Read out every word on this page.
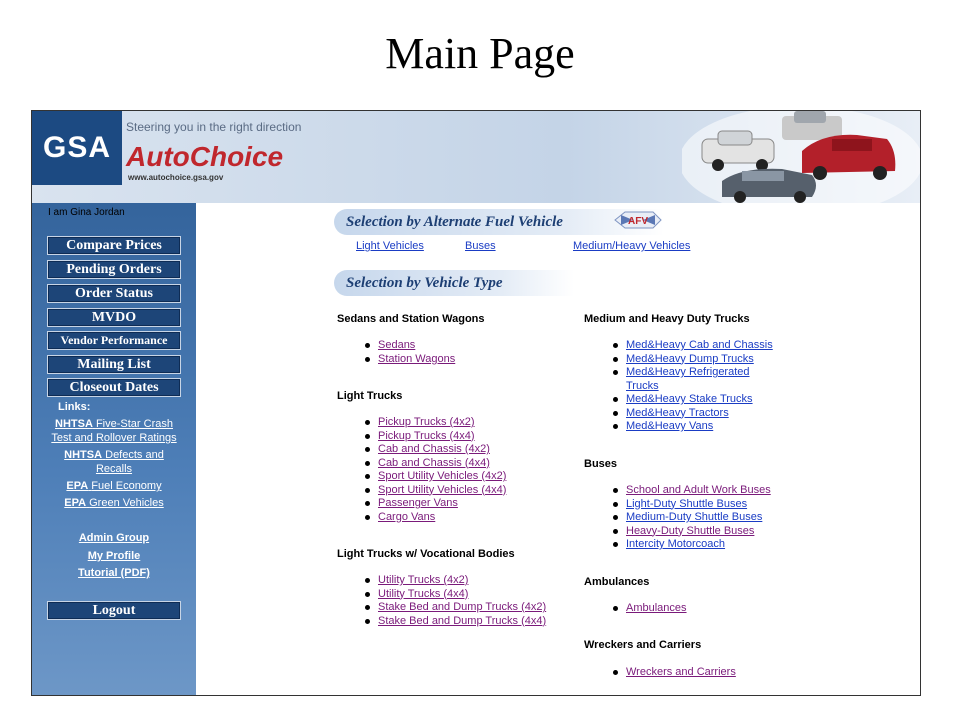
Main Page
GSA
Steering you in the right direction
AutoChoice
www.autochoice.gsa.gov
I am Gina Jordan
Compare Prices
Pending Orders
Order Status
MVDO
Vendor Performance
Mailing List
Closeout Dates
Links:
NHTSA Five-Star Crash
Test and Rollover Ratings
NHTSA Defects and
Recalls
EPA Fuel Economy
EPA Green Vehicles
Admin Group
My Profile
Tutorial (PDF)
Logout
Selection by Alternate Fuel Vehicle	AFV
Light Vehicles	Buses	Medium/Heavy Vehicles
Selection by Vehicle Type
Sedans and Station Wagons
Sedans
Station Wagons
Light Trucks
Pickup Trucks (4x2)
Pickup Trucks (4x4)
Cab and Chassis (4x2)
Cab and Chassis (4x4)
Sport Utility Vehicles (4x2)
Sport Utility Vehicles (4x4)
Passenger Vans
Cargo Vans
Light Trucks w/ Vocational Bodies
Utility Trucks (4x2)
Utility Trucks (4x4)
Stake Bed and Dump Trucks (4x2)
Stake Bed and Dump Trucks (4x4)
Medium and Heavy Duty Trucks
Med&Heavy Cab and Chassis
Med&Heavy Dump Trucks
Med&Heavy Refrigerated
Trucks
Med&Heavy Stake Trucks
Med&Heavy Tractors
Med&Heavy Vans
Buses
School and Adult Work Buses
Light-Duty Shuttle Buses
Medium-Duty Shuttle Buses
Heavy-Duty Shuttle Buses
Intercity Motorcoach
Ambulances
Ambulances
Wreckers and Carriers
Wreckers and Carriers
